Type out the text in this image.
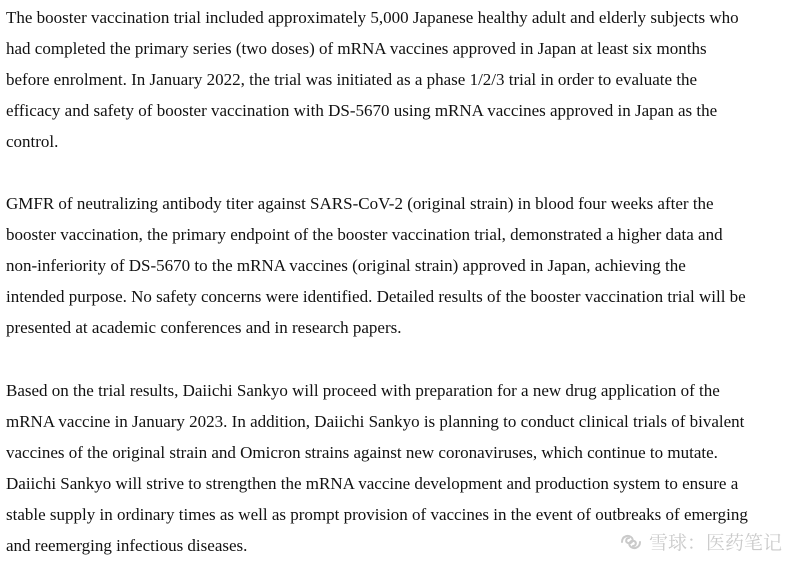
The booster vaccination trial included approximately 5,000 Japanese healthy adult and elderly subjects who
had completed the primary series (two doses) of mRNA vaccines approved in Japan at least six months
before enrolment. In January 2022, the trial was initiated as a phase 1/2/3 trial in order to evaluate the
efficacy and safety of booster vaccination with DS-5670 using mRNA vaccines approved in Japan as the
control.
GMFR of neutralizing antibody titer against SARS-CoV-2 (original strain) in blood four weeks after the
booster vaccination, the primary endpoint of the booster vaccination trial, demonstrated a higher data and
non-inferiority of DS-5670 to the mRNA vaccines (original strain) approved in Japan, achieving the
intended purpose. No safety concerns were identified. Detailed results of the booster vaccination trial will be
presented at academic conferences and in research papers.
Based on the trial results, Daiichi Sankyo will proceed with preparation for a new drug application of the
mRNA vaccine in January 2023. In addition, Daiichi Sankyo is planning to conduct clinical trials of bivalent
vaccines of the original strain and Omicron strains against new coronaviruses, which continue to mutate.
Daiichi Sankyo will strive to strengthen the mRNA vaccine development and production system to ensure a
stable supply in ordinary times as well as prompt provision of vaccines in the event of outbreaks of emerging
and reemerging infectious diseases.	雪球：医药笔记
